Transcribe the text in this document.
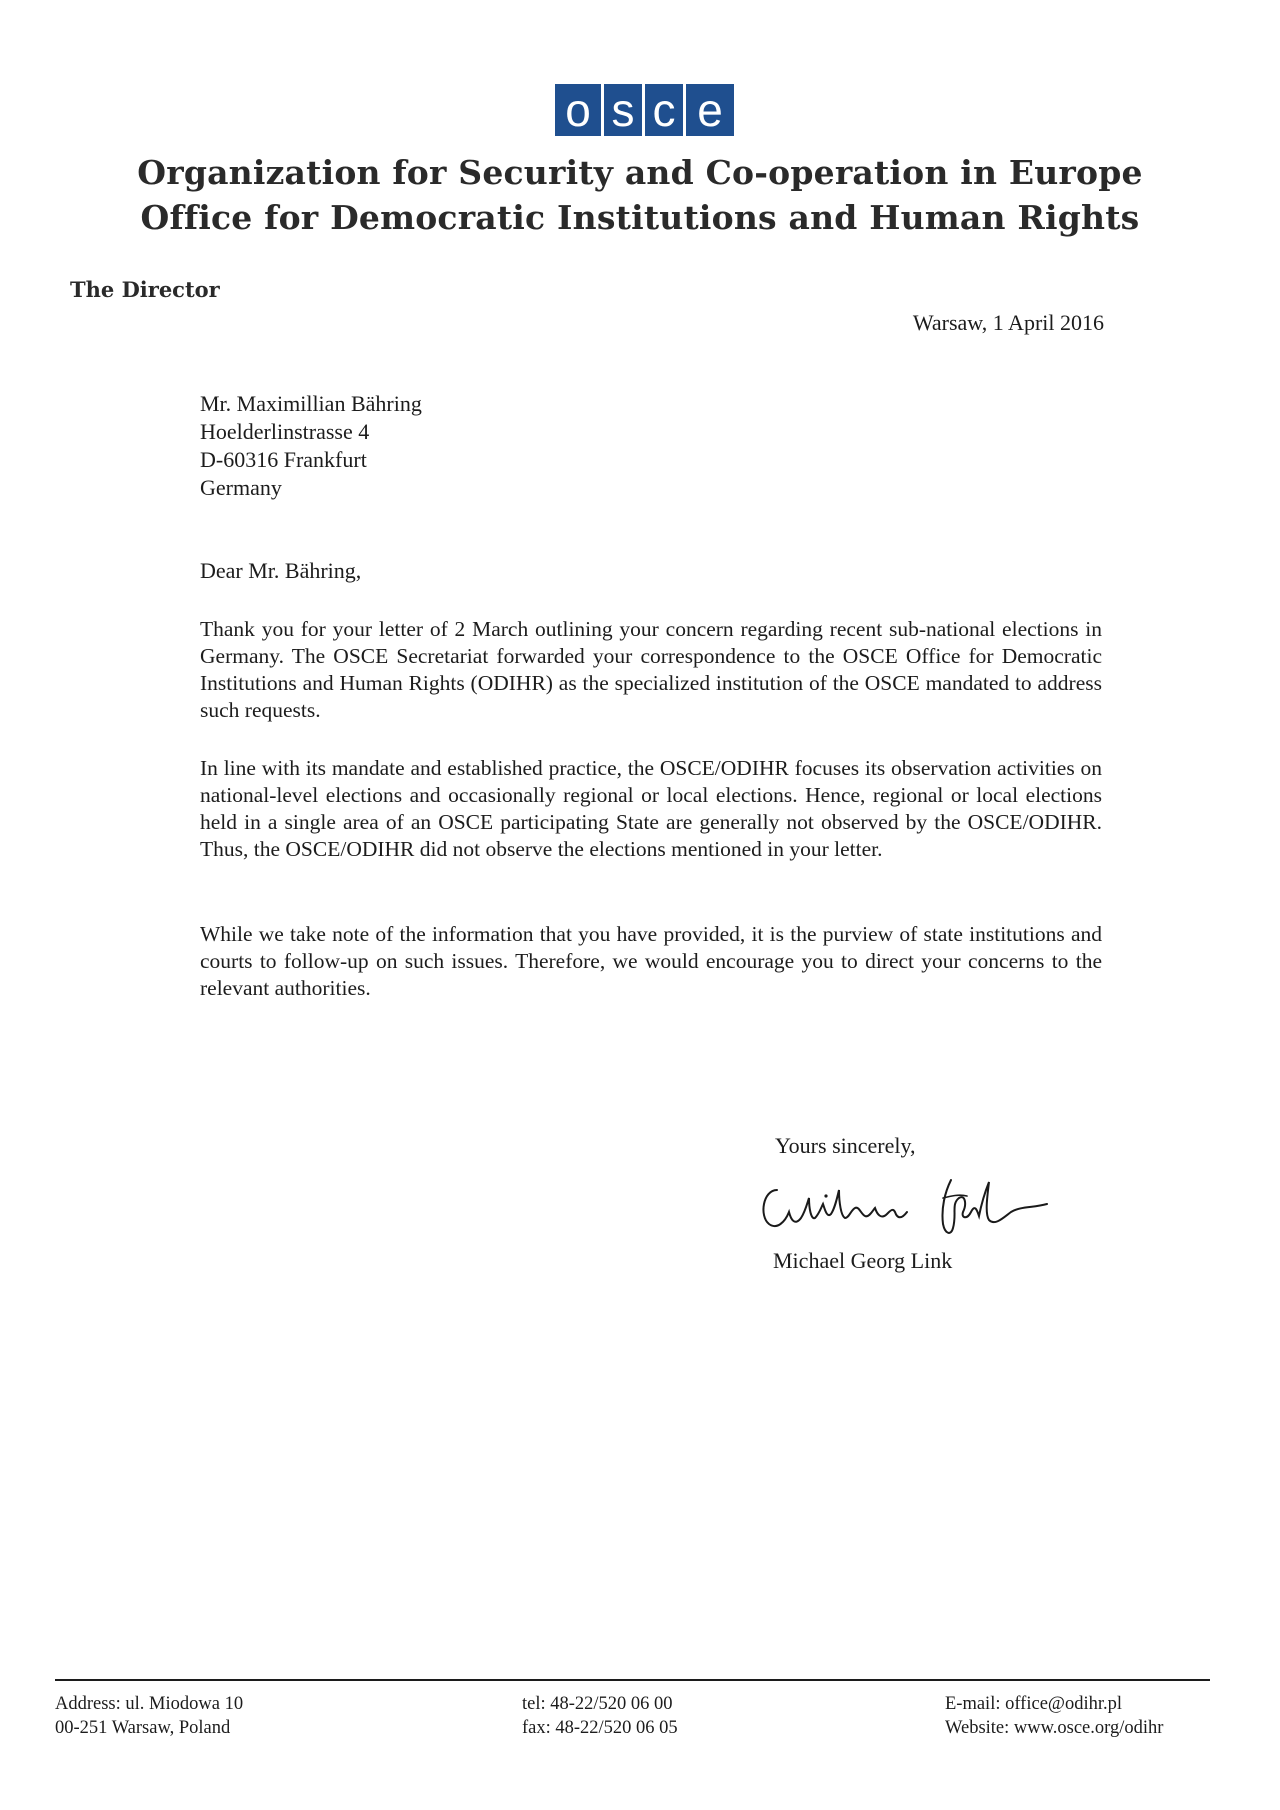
o s c e
Organization for Security and Co-operation in Europe
Office for Democratic Institutions and Human Rights
The Director
Warsaw, 1 April 2016
Mr. Maximillian Bähring
Hoelderlinstrasse 4
D-60316 Frankfurt
Germany
Dear Mr. Bähring,
Thank you for your letter of 2 March outlining your concern regarding recent sub-national elections in Germany. The OSCE Secretariat forwarded your correspondence to the OSCE Office for Democratic Institutions and Human Rights (ODIHR) as the specialized institution of the OSCE mandated to address such requests.
In line with its mandate and established practice, the OSCE/ODIHR focuses its observation activities on national-level elections and occasionally regional or local elections. Hence, regional or local elections held in a single area of an OSCE participating State are generally not observed by the OSCE/ODIHR. Thus, the OSCE/ODIHR did not observe the elections mentioned in your letter.
While we take note of the information that you have provided, it is the purview of state institutions and courts to follow-up on such issues. Therefore, we would encourage you to direct your concerns to the relevant authorities.
Yours sincerely,
Michael Georg Link
Address: ul. Miodowa 10
00-251 Warsaw, Poland
tel: 48-22/520 06 00
fax: 48-22/520 06 05
E-mail: office@odihr.pl
Website: www.osce.org/odihr
